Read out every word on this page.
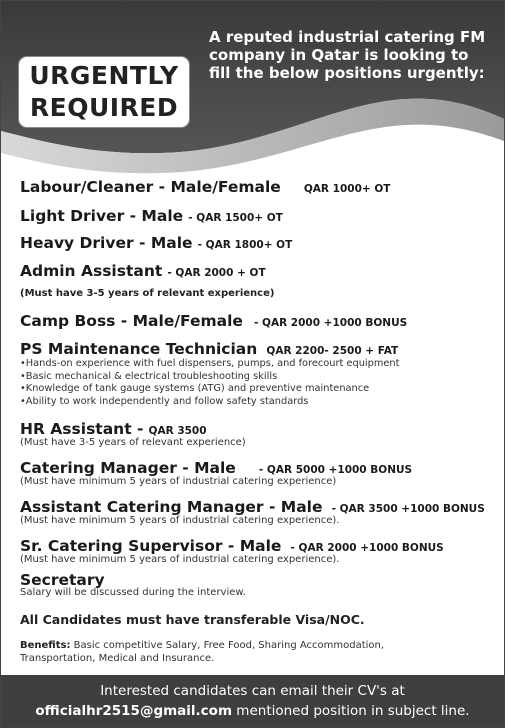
URGENTLY
REQUIRED
A reputed industrial catering FM
company in Qatar is looking to
fill the below positions urgently:
Labour/Cleaner - Male/Female QAR 1000+ OT
Light Driver - Male - QAR 1500+ OT
Heavy Driver - Male - QAR 1800+ OT
Admin Assistant - QAR 2000 + OT
(Must have 3-5 years of relevant experience)
Camp Boss - Male/Female - QAR 2000 +1000 BONUS
PS Maintenance Technician QAR 2200- 2500 + FAT
•Hands-on experience with fuel dispensers, pumps, and forecourt equipment
•Basic mechanical & electrical troubleshooting skills
•Knowledge of tank gauge systems (ATG) and preventive maintenance
•Ability to work independently and follow safety standards
HR Assistant - QAR 3500
(Must have 3-5 years of relevant experience)
Catering Manager - Male - QAR 5000 +1000 BONUS
(Must have minimum 5 years of industrial catering experience)
Assistant Catering Manager - Male - QAR 3500 +1000 BONUS
(Must have minimum 5 years of industrial catering experience).
Sr. Catering Supervisor - Male - QAR 2000 +1000 BONUS
(Must have minimum 5 years of industrial catering experience).
Secretary
Salary will be discussed during the interview.
All Candidates must have transferable Visa/NOC.
Benefits: Basic competitive Salary, Free Food, Sharing Accommodation,
Transportation, Medical and Insurance.
Interested candidates can email their CV's at
officialhr2515@gmail.com mentioned position in subject line.
